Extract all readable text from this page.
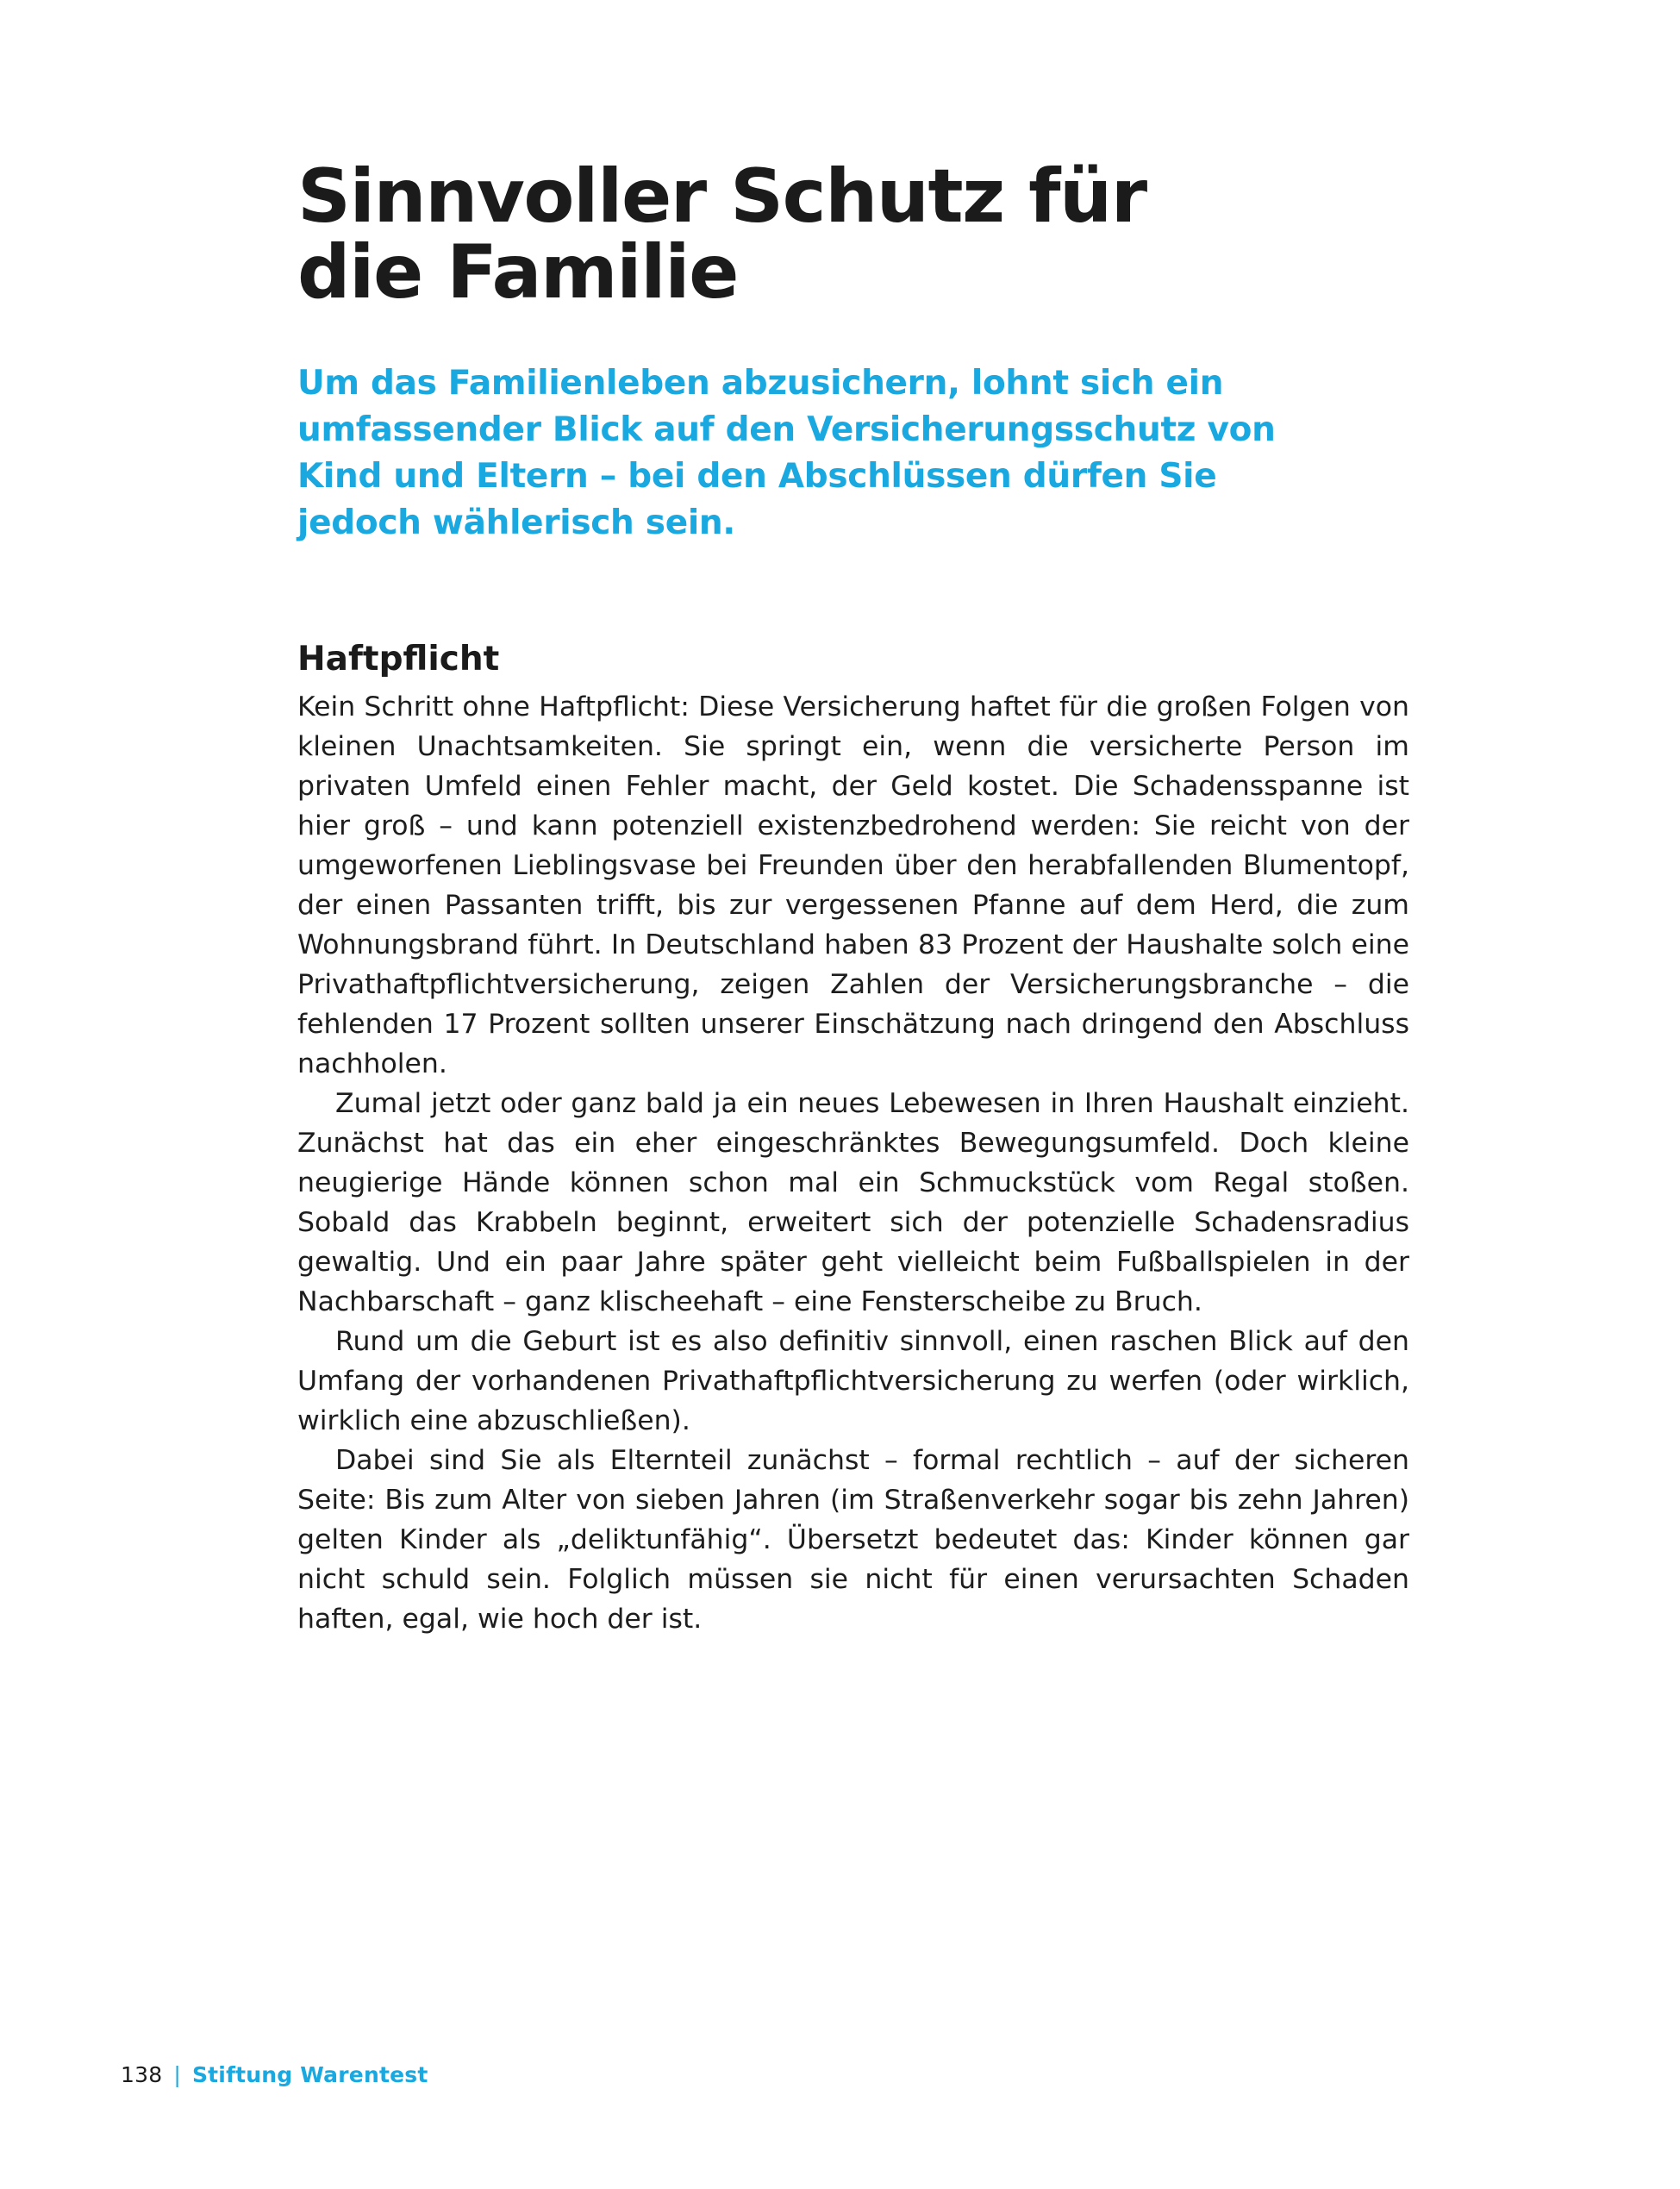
Sinnvoller Schutz für die Familie
Um das Familienleben abzusichern, lohnt sich ein umfassender Blick auf den Versicherungsschutz von Kind und Eltern – bei den Abschlüssen dürfen Sie jedoch wählerisch sein.
Haftpflicht

Kein Schritt ohne Haftpflicht: Diese Versicherung haftet für die großen Folgen von kleinen Unachtsamkeiten. Sie springt ein, wenn die versicherte Person im privaten Umfeld einen Fehler macht, der Geld kostet. Die Schadensspanne ist hier groß – und kann potenziell existenzbedrohend werden: Sie reicht von der umgeworfenen Lieblingsvase bei Freunden über den herabfallenden Blumentopf, der einen Passanten trifft, bis zur vergessenen Pfanne auf dem Herd, die zum Wohnungsbrand führt. In Deutschland haben 83 Prozent der Haushalte solch eine Privathaftpflichtversicherung, zeigen Zahlen der Versicherungsbranche – die fehlenden 17 Prozent sollten unserer Einschätzung nach dringend den Abschluss nachholen.

Zumal jetzt oder ganz bald ja ein neues Lebewesen in Ihren Haushalt einzieht. Zunächst hat das ein eher eingeschränktes Bewegungsumfeld. Doch kleine neugierige Hände können schon mal ein Schmuckstück vom Regal stoßen. Sobald das Krabbeln beginnt, erweitert sich der potenzielle Schadensradius gewaltig. Und ein paar Jahre später geht vielleicht beim Fußballspielen in der Nachbarschaft – ganz klischeehaft – eine Fensterscheibe zu Bruch.

Rund um die Geburt ist es also definitiv sinnvoll, einen raschen Blick auf den Umfang der vorhandenen Privathaftpflichtversicherung zu werfen (oder wirklich, wirklich eine abzuschließen).

Dabei sind Sie als Elternteil zunächst – formal rechtlich – auf der sicheren Seite: Bis zum Alter von sieben Jahren (im Straßenverkehr sogar bis zehn Jahren) gelten Kinder als „deliktunfähig“. Übersetzt bedeutet das: Kinder können gar nicht schuld sein. Folglich müssen sie nicht für einen verursachten Schaden haften, egal, wie hoch der ist.

138 | Stiftung Warentest
